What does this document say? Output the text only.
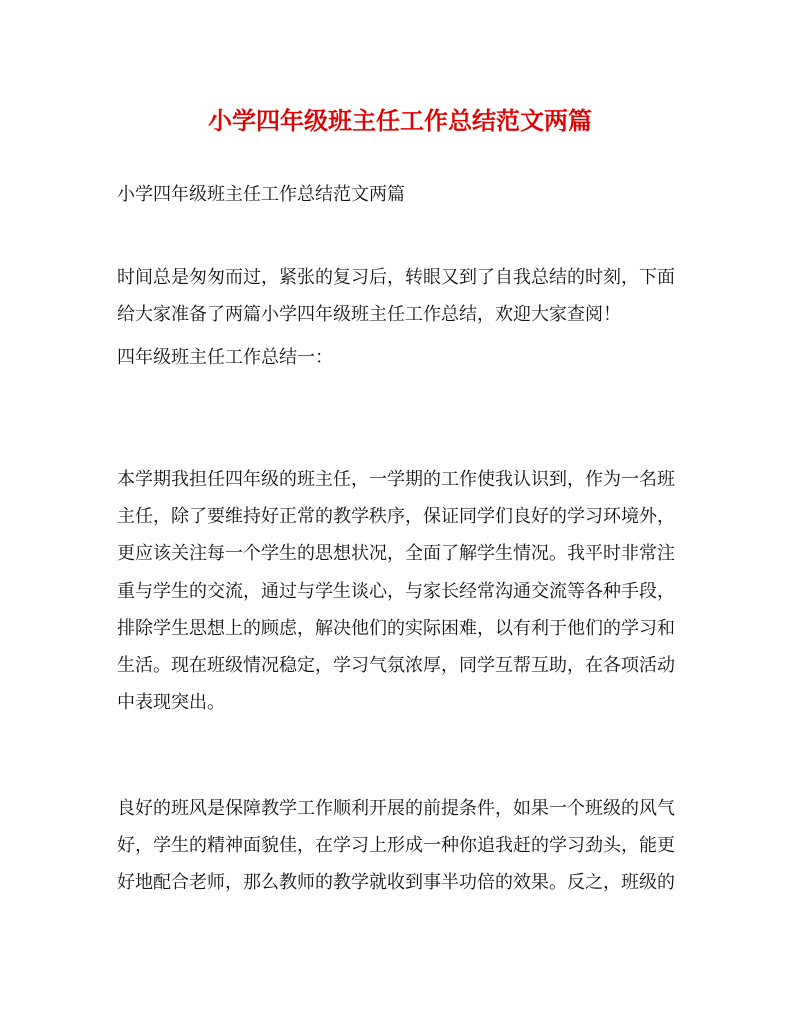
小学四年级班主任工作总结范文两篇

小学四年级班主任工作总结范文两篇

时间总是匆匆而过，紧张的复习后，转眼又到了自我总结的时刻，下面
给大家准备了两篇小学四年级班主任工作总结，欢迎大家查阅！

四年级班主任工作总结一：

本学期我担任四年级的班主任，一学期的工作使我认识到，作为一名班
主任，除了要维持好正常的教学秩序，保证同学们良好的学习环境外，
更应该关注每一个学生的思想状况，全面了解学生情况。我平时非常注
重与学生的交流，通过与学生谈心，与家长经常沟通交流等各种手段，
排除学生思想上的顾虑，解决他们的实际困难，以有利于他们的学习和
生活。现在班级情况稳定，学习气氛浓厚，同学互帮互助，在各项活动
中表现突出。
良好的班风是保障教学工作顺利开展的前提条件，如果一个班级的风气
好，学生的精神面貌佳，在学习上形成一种你追我赶的学习劲头，能更
好地配合老师，那么教师的教学就收到事半功倍的效果。反之，班级的
